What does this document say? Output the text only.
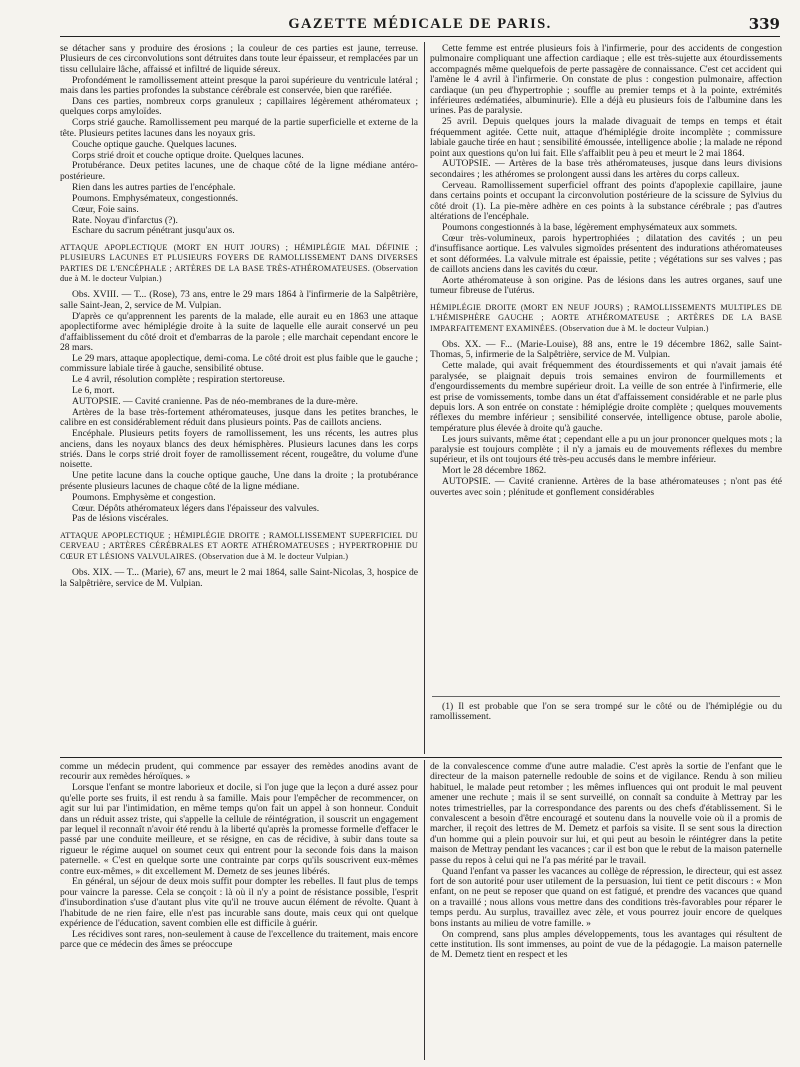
GAZETTE MÉDICALE DE PARIS.	339

se détacher sans y produire des érosions ; la couleur de ces parties est jaune, terreuse. Plusieurs de ces circonvolutions sont détruites dans toute leur épaisseur, et remplacées par un tissu cellulaire lâche, affaissé et infiltré de liquide séreux.

Profondément le ramollissement atteint presque la paroi supérieure du ventricule latéral ; mais dans les parties profondes la substance cérébrale est conservée, bien que raréfiée.

Dans ces parties, nombreux corps granuleux ; capillaires légèrement athéromateux ; quelques corps amyloïdes.

Corps strié gauche. Ramollissement peu marqué de la partie superficielle et externe de la tête. Plusieurs petites lacunes dans les noyaux gris.

Couche optique gauche. Quelques lacunes.

Corps strié droit et couche optique droite. Quelques lacunes.

Protubérance. Deux petites lacunes, une de chaque côté de la ligne médiane antéro-postérieure.

Rien dans les autres parties de l'encéphale.

Poumons. Emphysémateux, congestionnés.

Cœur, Foie sains.

Rate. Noyau d'infarctus (?).

Eschare du sacrum pénétrant jusqu'aux os.

ATTAQUE APOPLECTIQUE (MORT EN HUIT JOURS) ; HÉMIPLÉGIE MAL DÉFINIE ; PLUSIEURS LACUNES ET PLUSIEURS FOYERS DE RAMOLLISSEMENT DANS DIVERSES PARTIES DE L'ENCÉPHALE ; ARTÈRES DE LA BASE TRÈS-ATHÉROMATEUSES. (Observation due à M. le docteur Vulpian.)

Obs. XVIII. — T... (Rose), 73 ans, entre le 29 mars 1864 à l'infirmerie de la Salpêtrière, salle Saint-Jean, 2, service de M. Vulpian.

D'après ce qu'apprennent les parents de la malade, elle aurait eu en 1863 une attaque apoplectiforme avec hémiplégie droite à la suite de laquelle elle aurait conservé un peu d'affaiblissement du côté droit et d'embarras de la parole ; elle marchait cependant encore le 28 mars.

Le 29 mars, attaque apoplectique, demi-coma. Le côté droit est plus faible que le gauche ; commissure labiale tirée à gauche, sensibilité obtuse.

Le 4 avril, résolution complète ; respiration stertoreuse.

Le 6, mort.

AUTOPSIE. — Cavité cranienne. Pas de néo-membranes de la dure-mère.

Artères de la base très-fortement athéromateuses, jusque dans les petites branches, le calibre en est considérablement réduit dans plusieurs points. Pas de caillots anciens.

Encéphale. Plusieurs petits foyers de ramollissement, les uns récents, les autres plus anciens, dans les noyaux blancs des deux hémisphères. Plusieurs lacunes dans les corps striés. Dans le corps strié droit foyer de ramollissement récent, rougeâtre, du volume d'une noisette.

Une petite lacune dans la couche optique gauche, Une dans la droite ; la protubérance présente plusieurs lacunes de chaque côté de la ligne médiane.

Poumons. Emphysème et congestion.

Cœur. Dépôts athéromateux légers dans l'épaisseur des valvules.

Pas de lésions viscérales.

ATTAQUE APOPLECTIQUE ; HÉMIPLÉGIE DROITE ; RAMOLLISSEMENT SUPERFICIEL DU CERVEAU ; ARTÈRES CÉRÉBRALES ET AORTE ATHÉROMATEUSES ; HYPERTROPHIE DU CŒUR ET LÉSIONS VALVULAIRES. (Observation due à M. le docteur Vulpian.)

Obs. XIX. — T... (Marie), 67 ans, meurt le 2 mai 1864, salle Saint-Nicolas, 3, hospice de la Salpêtrière, service de M. Vulpian.

Cette femme est entrée plusieurs fois à l'infirmerie, pour des accidents de congestion pulmonaire compliquant une affection cardiaque ; elle est très-sujette aux étourdissements accompagnés même quelquefois de perte passagère de connaissance. C'est cet accident qui l'amène le 4 avril à l'infirmerie. On constate de plus : congestion pulmonaire, affection cardiaque (un peu d'hypertrophie ; souffle au premier temps et à la pointe, extrémités inférieures œdématiées, albuminurie). Elle a déjà eu plusieurs fois de l'albumine dans les urines. Pas de paralysie.

25 avril. Depuis quelques jours la malade divaguait de temps en temps et était fréquemment agitée. Cette nuit, attaque d'hémiplégie droite incomplète ; commissure labiale gauche tirée en haut ; sensibilité émoussée, intelligence abolie ; la malade ne répond point aux questions qu'on lui fait. Elle s'affaiblit peu à peu et meurt le 2 mai 1864.

AUTOPSIE. — Artères de la base très athéromateuses, jusque dans leurs divisions secondaires ; les athéromes se prolongent aussi dans les artères du corps calleux.

Cerveau. Ramollissement superficiel offrant des points d'apoplexie capillaire, jaune dans certains points et occupant la circonvolution postérieure de la scissure de Sylvius du côté droit (1). La pie-mère adhère en ces points à la substance cérébrale ; pas d'autres altérations de l'encéphale.

Poumons congestionnés à la base, légèrement emphysémateux aux sommets.

Cœur très-volumineux, parois hypertrophiées ; dilatation des cavités ; un peu d'insuffisance aortique. Les valvules sigmoïdes présentent des indurations athéromateuses et sont déformées. La valvule mitrale est épaissie, petite ; végétations sur ses valves ; pas de caillots anciens dans les cavités du cœur.

Aorte athéromateuse à son origine. Pas de lésions dans les autres organes, sauf une tumeur fibreuse de l'utérus.

HÉMIPLÉGIE DROITE (MORT EN NEUF JOURS) ; RAMOLLISSEMENTS MULTIPLES DE L'HÉMISPHÈRE GAUCHE ; AORTE ATHÉROMATEUSE ; ARTÈRES DE LA BASE IMPARFAITEMENT EXAMINÉES. (Observation due à M. le docteur Vulpian.)

Obs. XX. — F... (Marie-Louise), 88 ans, entre le 19 décembre 1862, salle Saint-Thomas, 5, infirmerie de la Salpêtrière, service de M. Vulpian.

Cette malade, qui avait fréquemment des étourdissements et qui n'avait jamais été paralysée, se plaignait depuis trois semaines environ de fourmillements et d'engourdissements du membre supérieur droit. La veille de son entrée à l'infirmerie, elle est prise de vomissements, tombe dans un état d'affaissement considérable et ne parle plus depuis lors. A son entrée on constate : hémiplégie droite complète ; quelques mouvements réflexes du membre inférieur ; sensibilité conservée, intelligence obtuse, parole abolie, température plus élevée à droite qu'à gauche.

Les jours suivants, même état ; cependant elle a pu un jour prononcer quelques mots ; la paralysie est toujours complète ; il n'y a jamais eu de mouvements réflexes du membre supérieur, et ils ont toujours été très-peu accusés dans le membre inférieur.

Mort le 28 décembre 1862.

AUTOPSIE. — Cavité cranienne. Artères de la base athéromateuses ; n'ont pas été ouvertes avec soin ; plénitude et gonflement considérables

(1) Il est probable que l'on se sera trompé sur le côté ou de l'hémiplégie ou du ramollissement.

comme un médecin prudent, qui commence par essayer des remèdes anodins avant de recourir aux remèdes héroïques. »

Lorsque l'enfant se montre laborieux et docile, si l'on juge que la leçon a duré assez pour qu'elle porte ses fruits, il est rendu à sa famille. Mais pour l'empêcher de recommencer, on agit sur lui par l'intimidation, en même temps qu'on fait un appel à son honneur. Conduit dans un réduit assez triste, qui s'appelle la cellule de réintégration, il souscrit un engagement par lequel il reconnaît n'avoir été rendu à la liberté qu'après la promesse formelle d'effacer le passé par une conduite meilleure, et se résigne, en cas de récidive, à subir dans toute sa rigueur le régime auquel on soumet ceux qui entrent pour la seconde fois dans la maison paternelle. « C'est en quelque sorte une contrainte par corps qu'ils souscrivent eux-mêmes contre eux-mêmes, » dit excellement M. Demetz de ses jeunes libérés.

En général, un séjour de deux mois suffit pour dompter les rebelles. Il faut plus de temps pour vaincre la paresse. Cela se conçoit : là où il n'y a point de résistance possible, l'esprit d'insubordination s'use d'autant plus vite qu'il ne trouve aucun élément de révolte. Quant à l'habitude de ne rien faire, elle n'est pas incurable sans doute, mais ceux qui ont quelque expérience de l'éducation, savent combien elle est difficile à guérir.

Les récidives sont rares, non-seulement à cause de l'excellence du traitement, mais encore parce que ce médecin des âmes se préoccupe

de la convalescence comme d'une autre maladie. C'est après la sortie de l'enfant que le directeur de la maison paternelle redouble de soins et de vigilance. Rendu à son milieu habituel, le malade peut retomber ; les mêmes influences qui ont produit le mal peuvent amener une rechute ; mais il se sent surveillé, on connaît sa conduite à Mettray par les notes trimestrielles, par la correspondance des parents ou des chefs d'établissement. Si le convalescent a besoin d'être encouragé et soutenu dans la nouvelle voie où il a promis de marcher, il reçoit des lettres de M. Demetz et parfois sa visite. Il se sent sous la direction d'un homme qui a plein pouvoir sur lui, et qui peut au besoin le réintégrer dans la petite maison de Mettray pendant les vacances ; car il est bon que le rebut de la maison paternelle passe du repos à celui qui ne l'a pas mérité par le travail.

Quand l'enfant va passer les vacances au collège de répression, le directeur, qui est assez fort de son autorité pour user utilement de la persuasion, lui tient ce petit discours : « Mon enfant, on ne peut se reposer que quand on est fatigué, et prendre des vacances que quand on a travaillé ; nous allons vous mettre dans des conditions très-favorables pour réparer le temps perdu. Au surplus, travaillez avec zèle, et vous pourrez jouir encore de quelques bons instants au milieu de votre famille. »

On comprend, sans plus amples développements, tous les avantages qui résultent de cette institution. Ils sont immenses, au point de vue de la pédagogie. La maison paternelle de M. Demetz tient en respect et les
